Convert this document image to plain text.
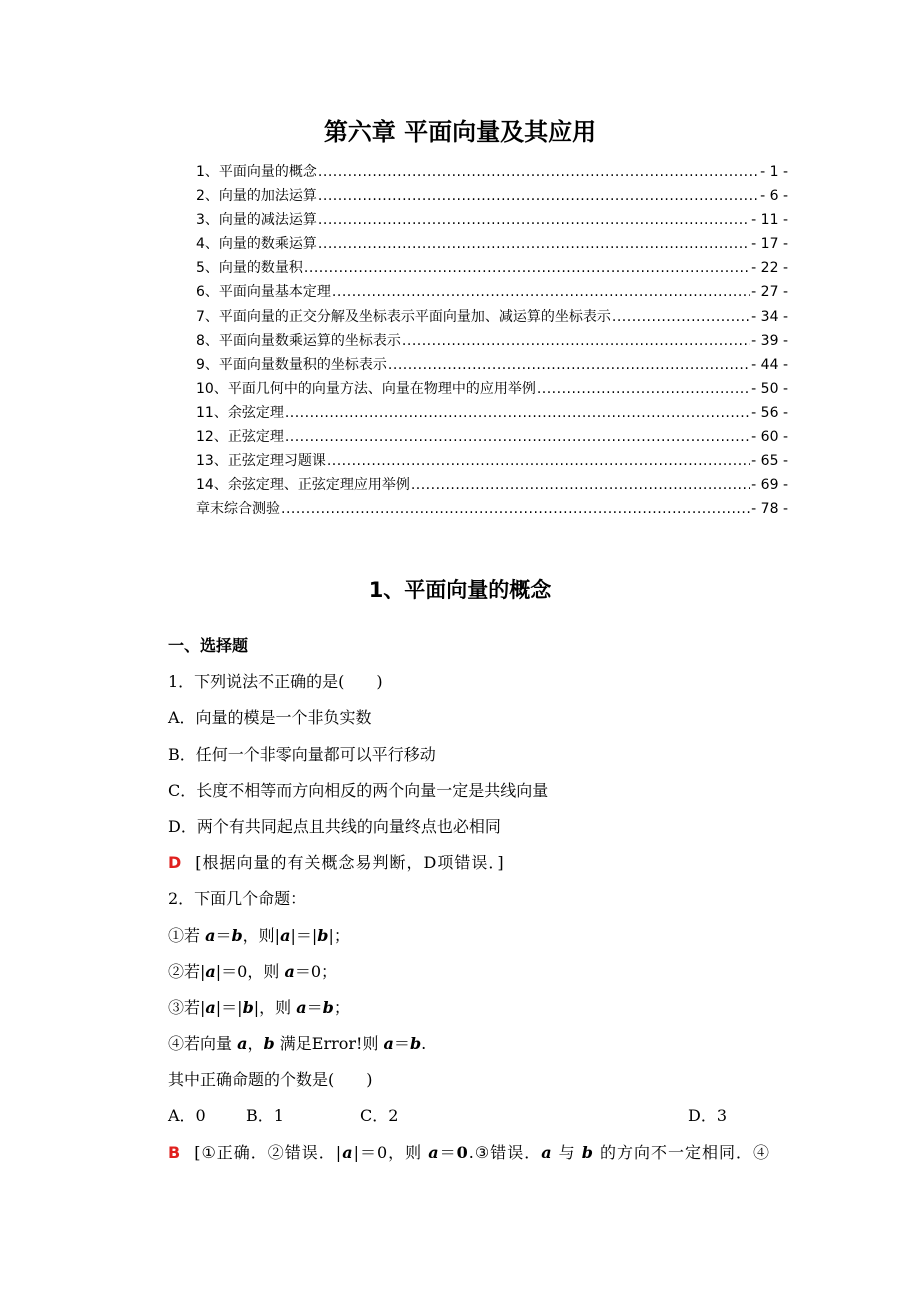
第六章 平面向量及其应用
1、平面向量的概念 .....	- 1 -
2、向量的加法运算 .....	- 6 -
3、向量的减法运算 .....	- 11 -
4、向量的数乘运算 .....	- 17 -
5、向量的数量积 .....	- 22 -
6、平面向量基本定理 .....	- 27 -
7、平面向量的正交分解及坐标表示平面向量加、减运算的坐标表示 .....	- 34 -
8、平面向量数乘运算的坐标表示 .....	- 39 -
9、平面向量数量积的坐标表示 .....	- 44 -
10、平面几何中的向量方法、向量在物理中的应用举例 .....	- 50 -
11、余弦定理 .....	- 56 -
12、正弦定理 .....	- 60 -
13、正弦定理习题课 .....	- 65 -
14、余弦定理、正弦定理应用举例 .....	- 69 -
章末综合测验 .....	- 78 -
1、平面向量的概念
一、选择题
1．下列说法不正确的是(　　)
A．向量的模是一个非负实数
B．任何一个非零向量都可以平行移动
C．长度不相等而方向相反的两个向量一定是共线向量
D．两个有共同起点且共线的向量终点也必相同
D [根据向量的有关概念易判断，D项错误．]
2．下面几个命题：
①若 a＝b，则|a|＝|b|；
②若|a|＝0，则 a＝0；
③若|a|＝|b|，则 a＝b；
④若向量 a，b 满足Error!则 a＝b.
其中正确命题的个数是(　　)
A．0	B．1	C．2	D．3
B [①正确．②错误．|a|＝0，则 a＝0.③错误．a 与 b 的方向不一定相同．④
